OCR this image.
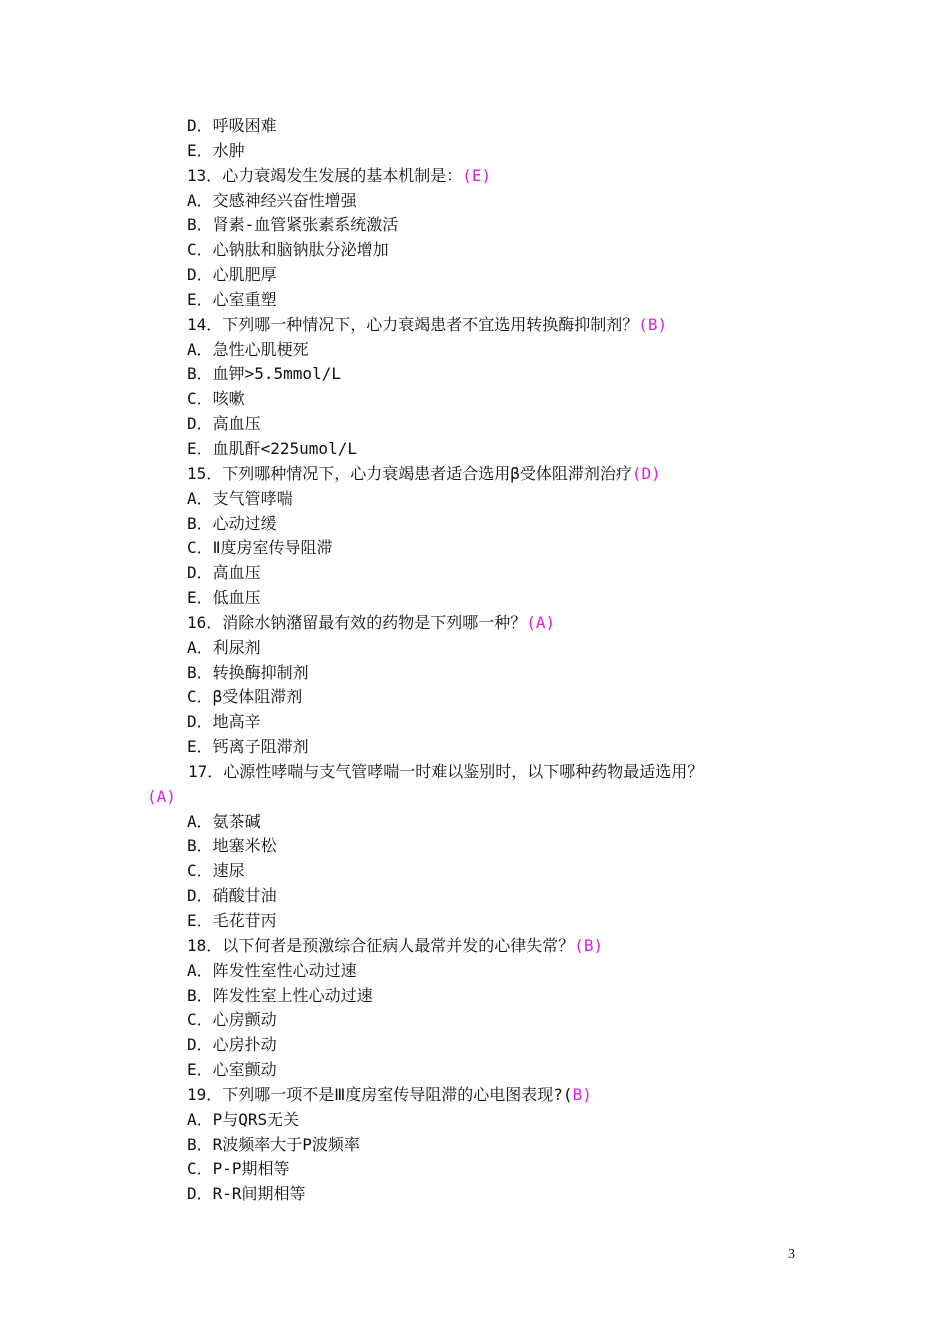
D．呼吸困难
E．水肿
13．心力衰竭发生发展的基本机制是：(E)
A．交感神经兴奋性增强
B．肾素-血管紧张素系统激活
C．心钠肽和脑钠肽分泌增加
D．心肌肥厚
E．心室重塑
14．下列哪一种情况下，心力衰竭患者不宜选用转换酶抑制剂？(B)
A．急性心肌梗死
B．血钾>5.5mmol/L
C．咳嗽
D．高血压
E．血肌酐<225umol/L
15．下列哪种情况下，心力衰竭患者适合选用β受体阻滞剂治疗(D)
A．支气管哮喘
B．心动过缓
C．Ⅱ度房室传导阻滞
D．高血压
E．低血压
16．消除水钠潴留最有效的药物是下列哪一种？(A)
A．利尿剂
B．转换酶抑制剂
C．β受体阻滞剂
D．地高辛
E．钙离子阻滞剂
17．心源性哮喘与支气管哮喘一时难以鉴别时，以下哪种药物最适选用？
(A)
A．氨茶碱
B．地塞米松
C．速尿
D．硝酸甘油
E．毛花苷丙
18．以下何者是预激综合征病人最常并发的心律失常？(B)
A．阵发性室性心动过速
B．阵发性室上性心动过速
C．心房颤动
D．心房扑动
E．心室颤动
19．下列哪一项不是Ⅲ度房室传导阻滞的心电图表现?(B)
A．P与QRS无关
B．R波频率大于P波频率
C．P-P期相等
D．R-R间期相等
3
